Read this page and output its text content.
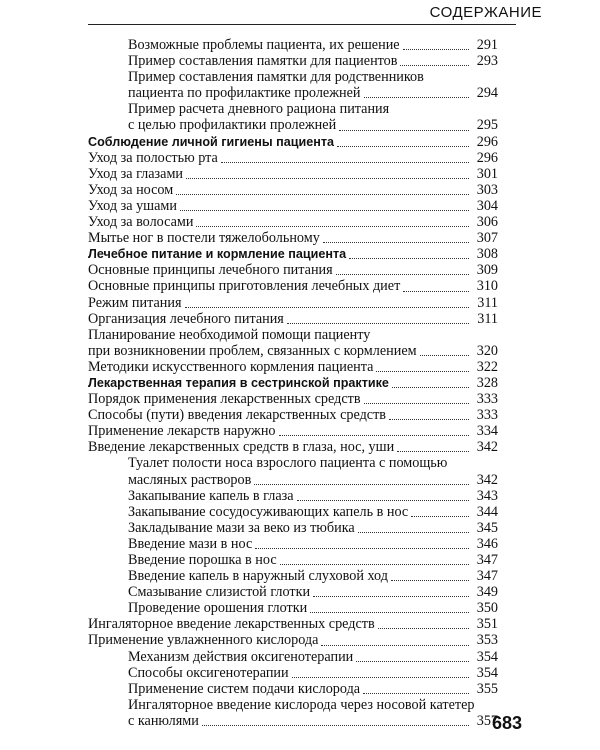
СОДЕРЖАНИЕ
Возможные проблемы пациента, их решение	291
Пример составления памятки для пациентов	293
Пример составления памятки для родственников
пациента по профилактике пролежней	294
Пример расчета дневного рациона питания
с целью профилактики пролежней	295
Соблюдение личной гигиены пациента	296
Уход за полостью рта	296
Уход за глазами	301
Уход за носом	303
Уход за ушами	304
Уход за волосами	306
Мытье ног в постели тяжелобольному	307
Лечебное питание и кормление пациента	308
Основные принципы лечебного питания	309
Основные принципы приготовления лечебных диет	310
Режим питания	311
Организация лечебного питания	311
Планирование необходимой помощи пациенту
при возникновении проблем, связанных с кормлением	320
Методики искусственного кормления пациента	322
Лекарственная терапия в сестринской практике	328
Порядок применения лекарственных средств	333
Способы (пути) введения лекарственных средств	333
Применение лекарств наружно	334
Введение лекарственных средств в глаза, нос, уши	342
Туалет полости носа взрослого пациента с помощью
масляных растворов	342
Закапывание капель в глаза	343
Закапывание сосудосуживающих капель в нос	344
Закладывание мази за веко из тюбика	345
Введение мази в нос	346
Введение порошка в нос	347
Введение капель в наружный слуховой ход	347
Смазывание слизистой глотки	349
Проведение орошения глотки	350
Ингаляторное введение лекарственных средств	351
Применение увлажненного кислорода	353
Механизм действия оксигенотерапии	354
Способы оксигенотерапии	354
Применение систем подачи кислорода	355
Ингаляторное введение кислорода через носовой катетер
с канюлями	357
683
